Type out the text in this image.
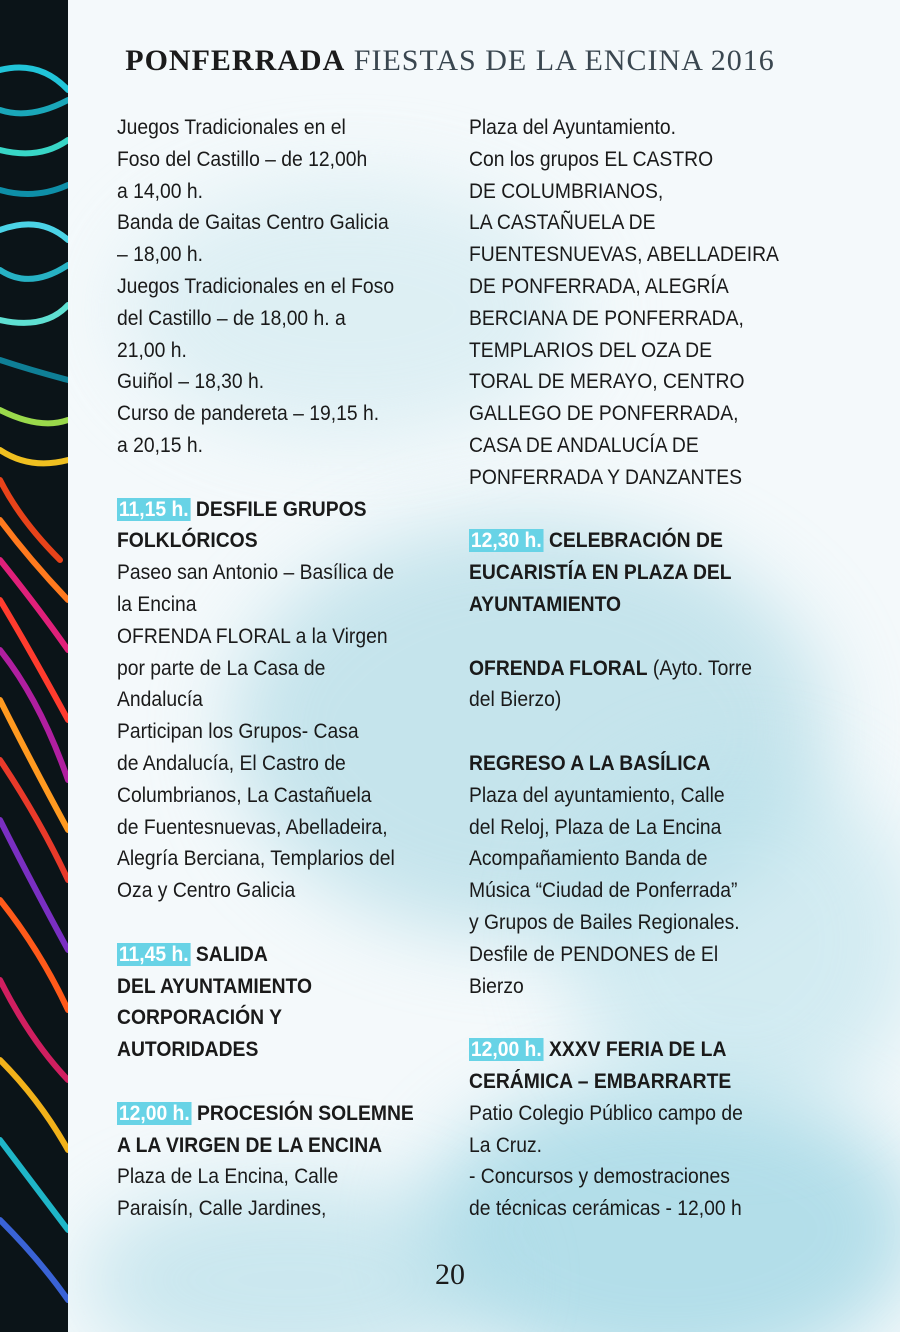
PONFERRADA FIESTAS DE LA ENCINA 2016

Juegos Tradicionales en el

Foso del Castillo – de 12,00h

a 14,00 h.

Banda de Gaitas Centro Galicia

– 18,00 h.

Juegos Tradicionales en el Foso

del Castillo – de 18,00 h. a

21,00 h.

Guiñol – 18,30 h.

Curso de pandereta – 19,15 h.

a 20,15 h.

11,15 h. DESFILE GRUPOS

FOLKLÓRICOS

Paseo san Antonio – Basílica de

la Encina

OFRENDA FLORAL a la Virgen

por parte de La Casa de

Andalucía

Participan los Grupos- Casa

de Andalucía, El Castro de

Columbrianos, La Castañuela

de Fuentesnuevas, Abelladeira,

Alegría Berciana, Templarios del

Oza y Centro Galicia

11,45 h. SALIDA

DEL AYUNTAMIENTO

CORPORACIÓN Y

AUTORIDADES

12,00 h. PROCESIÓN SOLEMNE

A LA VIRGEN DE LA ENCINA

Plaza de La Encina, Calle

Paraisín, Calle Jardines,

Plaza del Ayuntamiento.

Con los grupos EL CASTRO

DE COLUMBRIANOS,

LA CASTAÑUELA DE

FUENTESNUEVAS, ABELLADEIRA

DE PONFERRADA, ALEGRÍA

BERCIANA DE PONFERRADA,

TEMPLARIOS DEL OZA DE

TORAL DE MERAYO, CENTRO

GALLEGO DE PONFERRADA,

CASA DE ANDALUCÍA DE

PONFERRADA Y DANZANTES

12,30 h. CELEBRACIÓN DE

EUCARISTÍA EN PLAZA DEL

AYUNTAMIENTO

OFRENDA FLORAL (Ayto. Torre

del Bierzo)

REGRESO A LA BASÍLICA

Plaza del ayuntamiento, Calle

del Reloj, Plaza de La Encina

Acompañamiento Banda de

Música “Ciudad de Ponferrada”

y Grupos de Bailes Regionales.

Desfile de PENDONES de El

Bierzo

12,00 h. XXXV FERIA DE LA

CERÁMICA – EMBARRARTE

Patio Colegio Público campo de

La Cruz.

- Concursos y demostraciones

de técnicas cerámicas - 12,00 h

20
